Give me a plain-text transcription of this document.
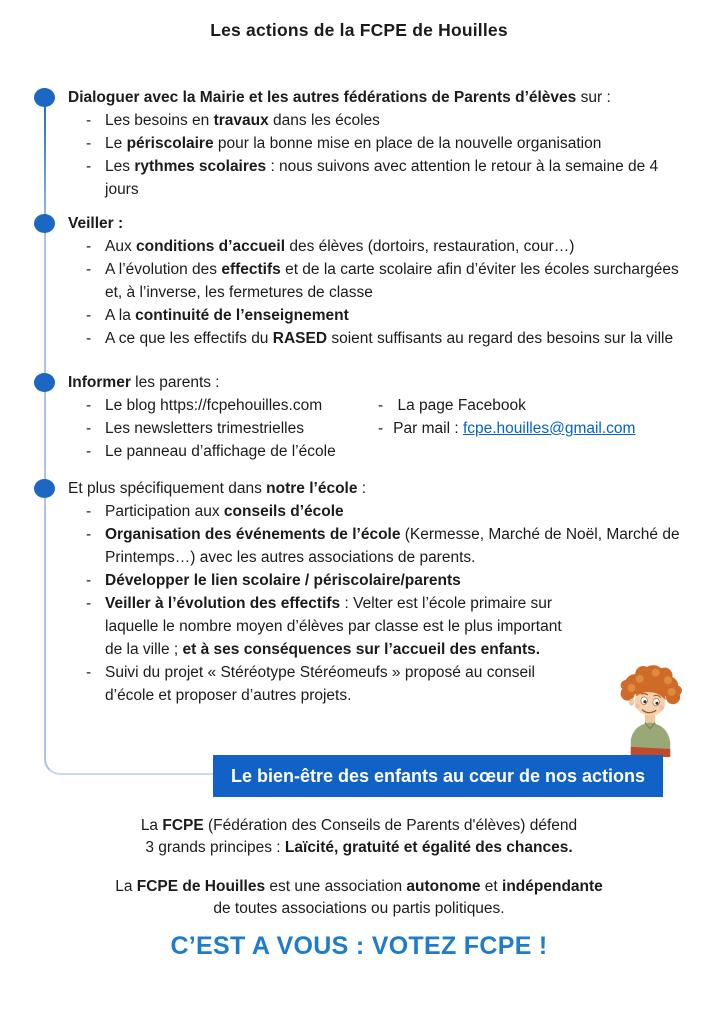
Les actions de la FCPE de Houilles
Dialoguer avec la Mairie et les autres fédérations de Parents d’élèves sur :
- Les besoins en travaux dans les écoles
- Le périscolaire pour la bonne mise en place de la nouvelle organisation
- Les rythmes scolaires : nous suivons avec attention le retour à la semaine de 4 jours
Veiller :
- Aux conditions d’accueil des élèves (dortoirs, restauration, cour…)
- A l’évolution des effectifs et de la carte scolaire afin d’éviter les écoles surchargées et, à l’inverse, les fermetures de classe
- A la continuité de l’enseignement
- A ce que les effectifs du RASED soient suffisants au regard des besoins sur la ville
Informer les parents :
- Le blog https://fcpehouilles.com	- La page Facebook
- Les newsletters trimestrielles	- Par mail : fcpe.houilles@gmail.com
- Le panneau d’affichage de l’école
Et plus spécifiquement dans notre l’école :
- Participation aux conseils d’école
- Organisation des événements de l’école (Kermesse, Marché de Noël, Marché de Printemps…) avec les autres associations de parents.
- Développer le lien scolaire / périscolaire/parents
- Veiller à l’évolution des effectifs : Velter est l’école primaire sur laquelle le nombre moyen d’élèves par classe est le plus important de la ville ; et à ses conséquences sur l’accueil des enfants.
- Suivi du projet « Stéréotype Stéréomeufs » proposé au conseil d’école et proposer d’autres projets.
Le bien-être des enfants au cœur de nos actions
La FCPE (Fédération des Conseils de Parents d'élèves) défend
3 grands principes : Laïcité, gratuité et égalité des chances.
La FCPE de Houilles est une association autonome et indépendante
de toutes associations ou partis politiques.
C’EST A VOUS : VOTEZ FCPE !
